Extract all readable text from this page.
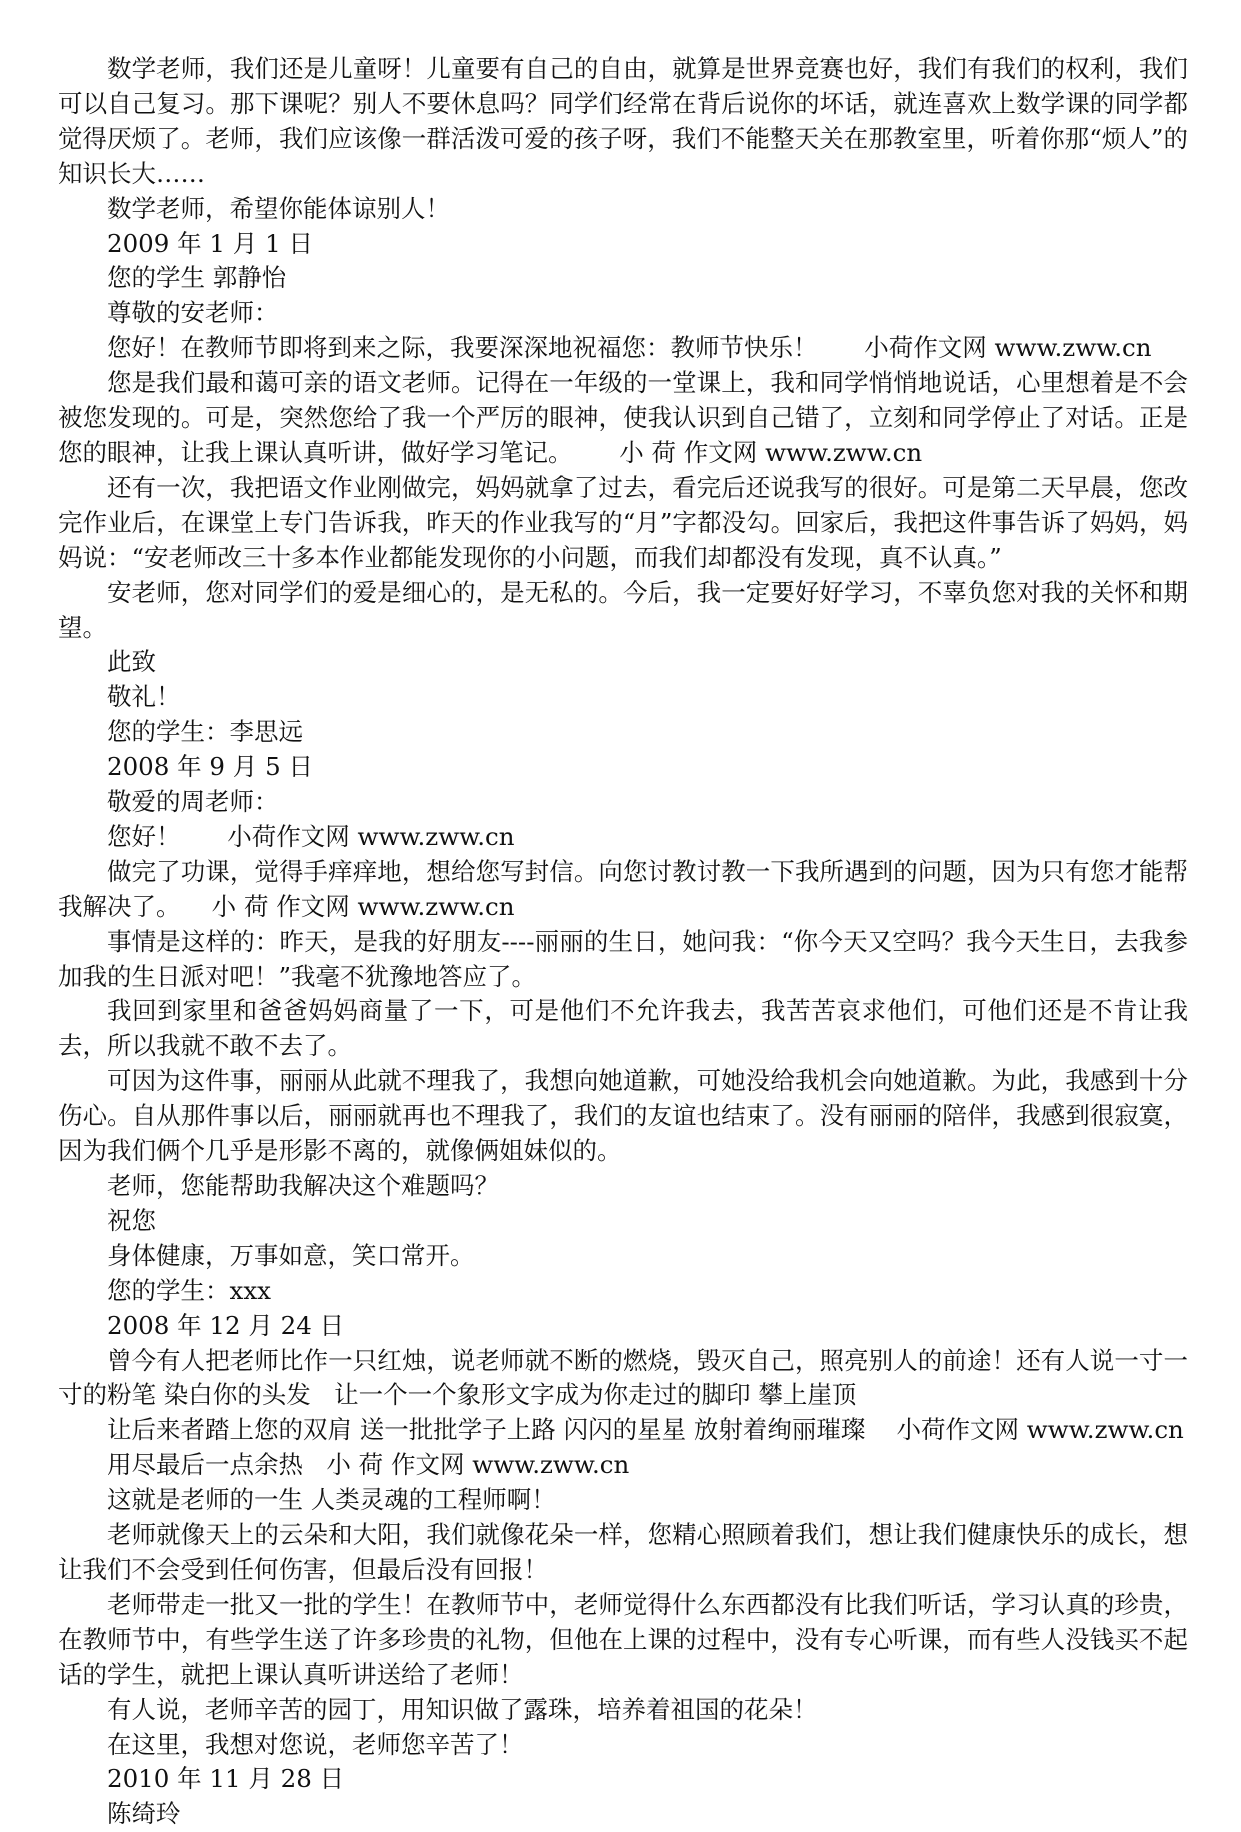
数学老师，我们还是儿童呀！儿童要有自己的自由，就算是世界竞赛也好，我们有我们的权利，我们可以自己复习。那下课呢？别人不要休息吗？同学们经常在背后说你的坏话，就连喜欢上数学课的同学都觉得厌烦了。老师，我们应该像一群活泼可爱的孩子呀，我们不能整天关在那教室里，听着你那“烦人”的知识长大……

数学老师，希望你能体谅别人！

2009 年 1 月 1 日

您的学生 郭静怡

尊敬的安老师：

您好！在教师节即将到来之际，我要深深地祝福您：教师节快乐！      小荷作文网 www.zww.cn

您是我们最和蔼可亲的语文老师。记得在一年级的一堂课上，我和同学悄悄地说话，心里想着是不会被您发现的。可是，突然您给了我一个严厉的眼神，使我认识到自己错了，立刻和同学停止了对话。正是您的眼神，让我上课认真听讲，做好学习笔记。      小 荷 作文网 www.zww.cn

还有一次，我把语文作业刚做完，妈妈就拿了过去，看完后还说我写的很好。可是第二天早晨，您改完作业后，在课堂上专门告诉我，昨天的作业我写的“月”字都没勾。回家后，我把这件事告诉了妈妈，妈妈说：“安老师改三十多本作业都能发现你的小问题，而我们却都没有发现，真不认真。”

安老师，您对同学们的爱是细心的，是无私的。今后，我一定要好好学习，不辜负您对我的关怀和期望。

此致

敬礼！

您的学生：李思远

2008 年 9 月 5 日

敬爱的周老师：

您好！      小荷作文网 www.zww.cn

做完了功课，觉得手痒痒地，想给您写封信。向您讨教讨教一下我所遇到的问题，因为只有您才能帮我解决了。    小 荷 作文网 www.zww.cn

事情是这样的：昨天，是我的好朋友----丽丽的生日，她问我：“你今天又空吗？我今天生日，去我参加我的生日派对吧！”我毫不犹豫地答应了。

我回到家里和爸爸妈妈商量了一下，可是他们不允许我去，我苦苦哀求他们，可他们还是不肯让我去，所以我就不敢不去了。

可因为这件事，丽丽从此就不理我了，我想向她道歉，可她没给我机会向她道歉。为此，我感到十分伤心。自从那件事以后，丽丽就再也不理我了，我们的友谊也结束了。没有丽丽的陪伴，我感到很寂寞，因为我们俩个几乎是形影不离的，就像俩姐妹似的。

老师，您能帮助我解决这个难题吗？

祝您

身体健康，万事如意，笑口常开。

您的学生：xxx

2008 年 12 月 24 日

曾今有人把老师比作一只红烛，说老师就不断的燃烧，毁灭自己，照亮别人的前途！还有人说一寸一寸的粉笔 染白你的头发   让一个一个象形文字成为你走过的脚印 攀上崖顶

让后来者踏上您的双肩 送一批批学子上路 闪闪的星星 放射着绚丽璀璨    小荷作文网 www.zww.cn

用尽最后一点余热   小 荷 作文网 www.zww.cn

这就是老师的一生 人类灵魂的工程师啊！

老师就像天上的云朵和大阳，我们就像花朵一样，您精心照顾着我们，想让我们健康快乐的成长，想让我们不会受到任何伤害，但最后没有回报！

老师带走一批又一批的学生！在教师节中，老师觉得什么东西都没有比我们听话，学习认真的珍贵，在教师节中，有些学生送了许多珍贵的礼物，但他在上课的过程中，没有专心听课，而有些人没钱买不起话的学生，就把上课认真听讲送给了老师！

有人说，老师辛苦的园丁，用知识做了露珠，培养着祖国的花朵！

在这里，我想对您说，老师您辛苦了！

2010 年 11 月 28 日

陈绮玲
